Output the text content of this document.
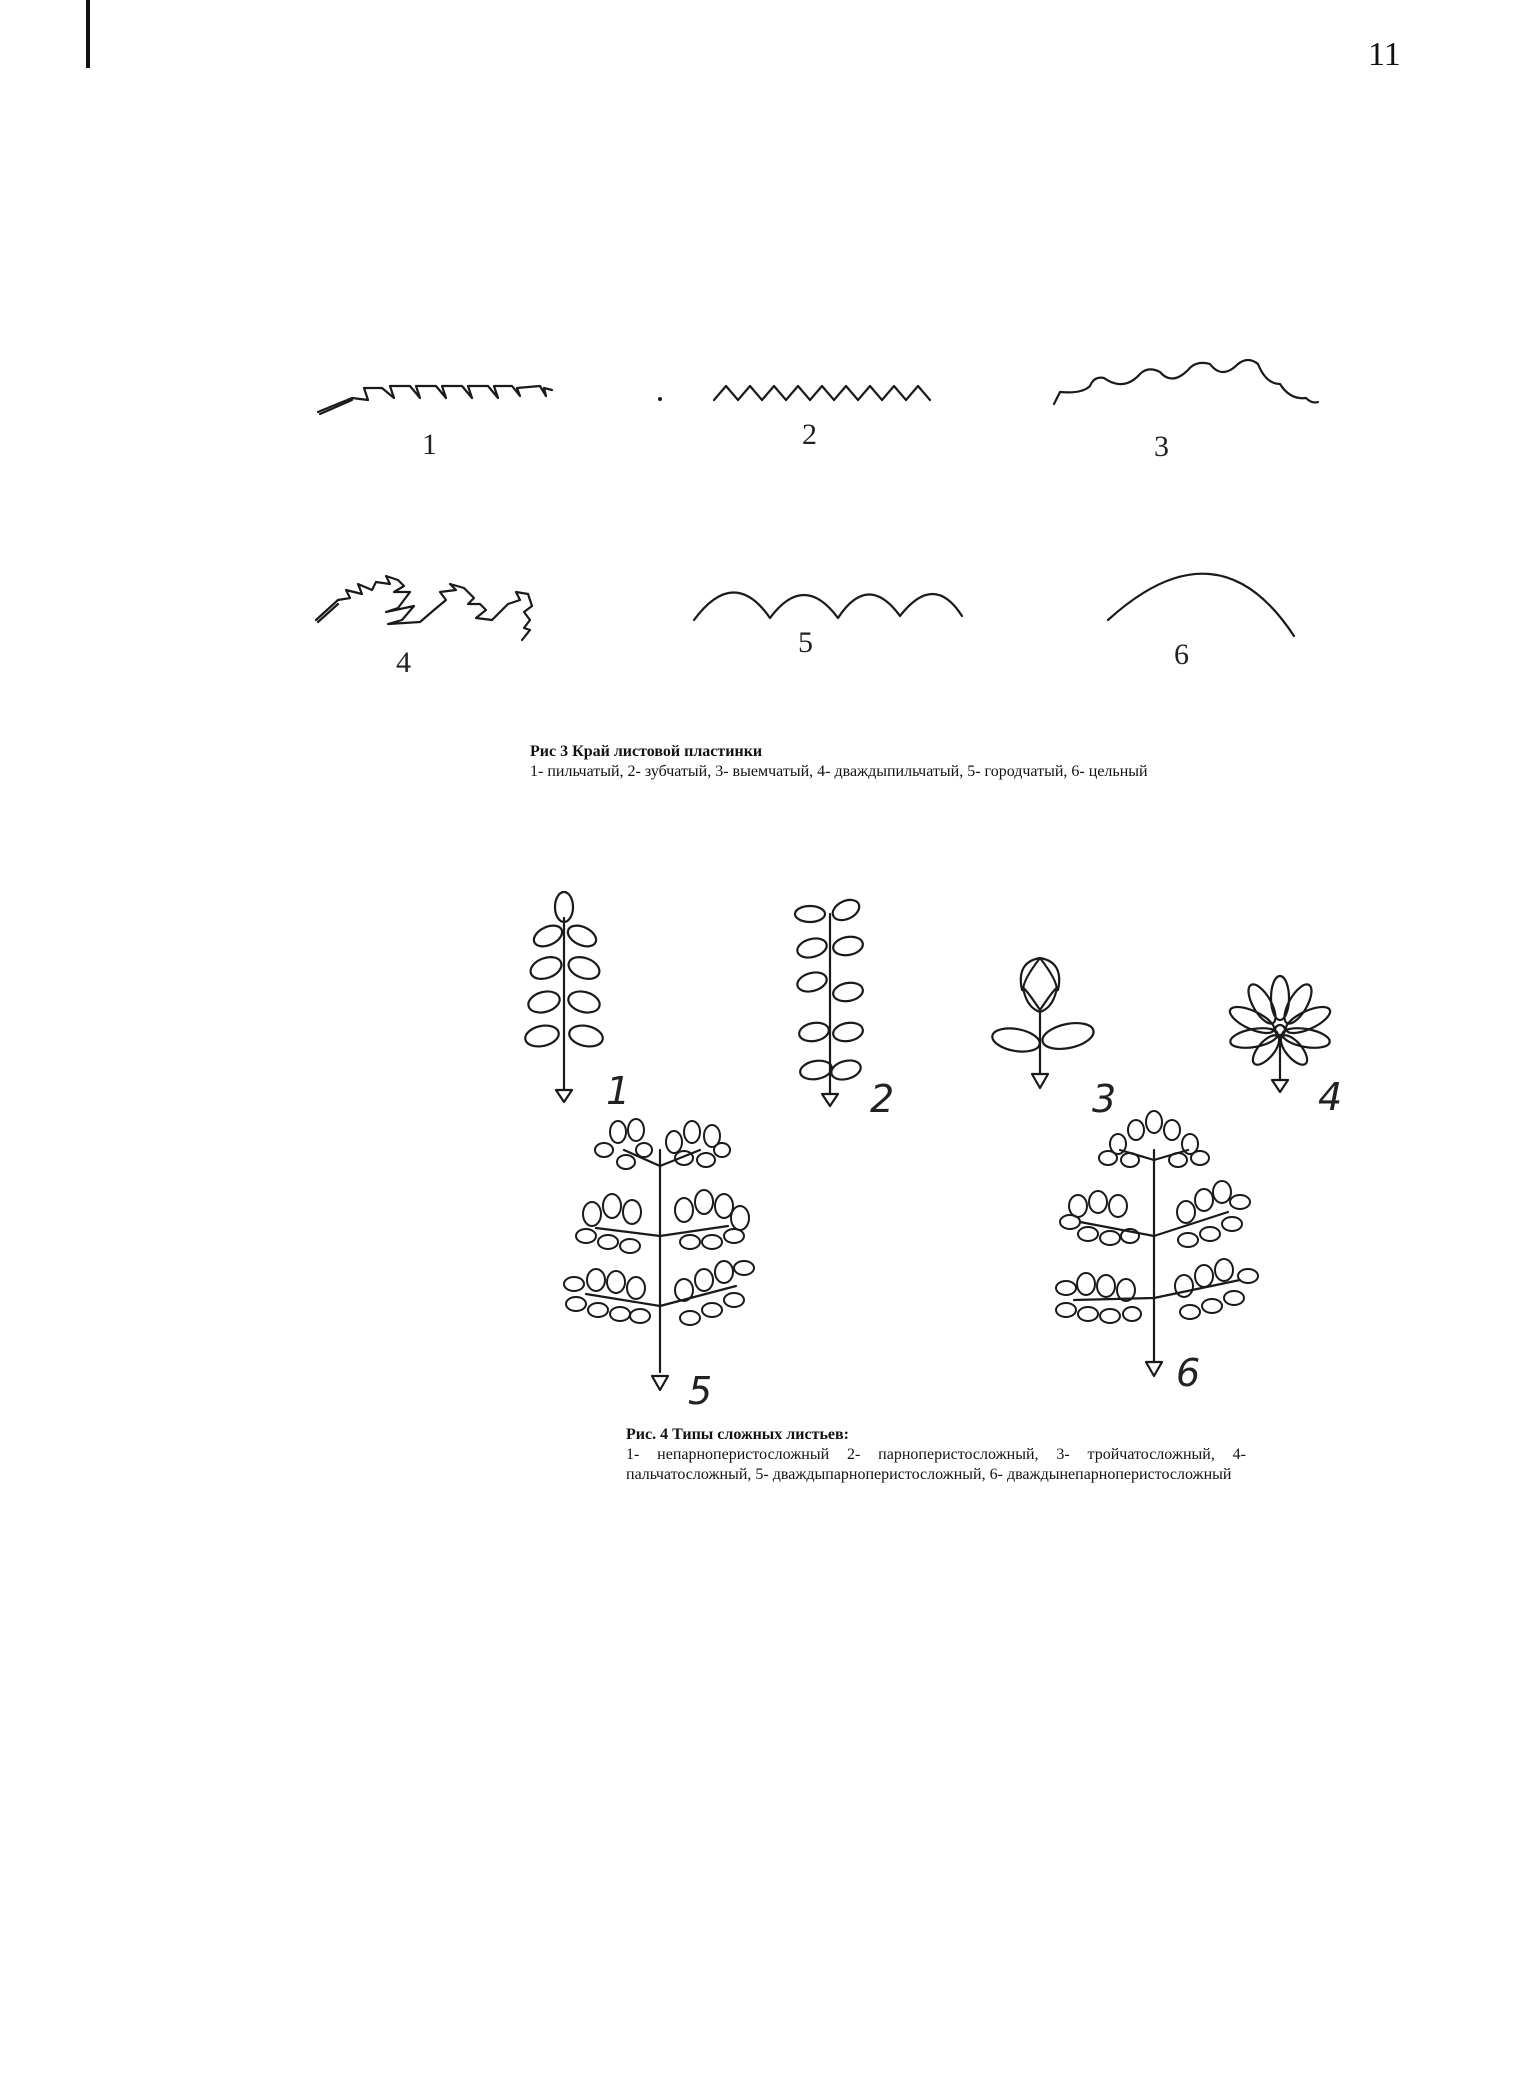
11
1	2	3
4
5	6
1	2	3	4
5	6
Рис 3 Край листовой пластинки
1- пильчатый, 2- зубчатый, 3- выемчатый, 4- дваждыпильчатый, 5- городчатый, 6- цельный
Рис. 4 Типы сложных листьев:
1- непарноперистосложный 2- парноперистосложный, 3- тройчатосложный, 4- пальчатосложный, 5- дваждыпарноперистосложный, 6- дваждынепарноперистосложный
